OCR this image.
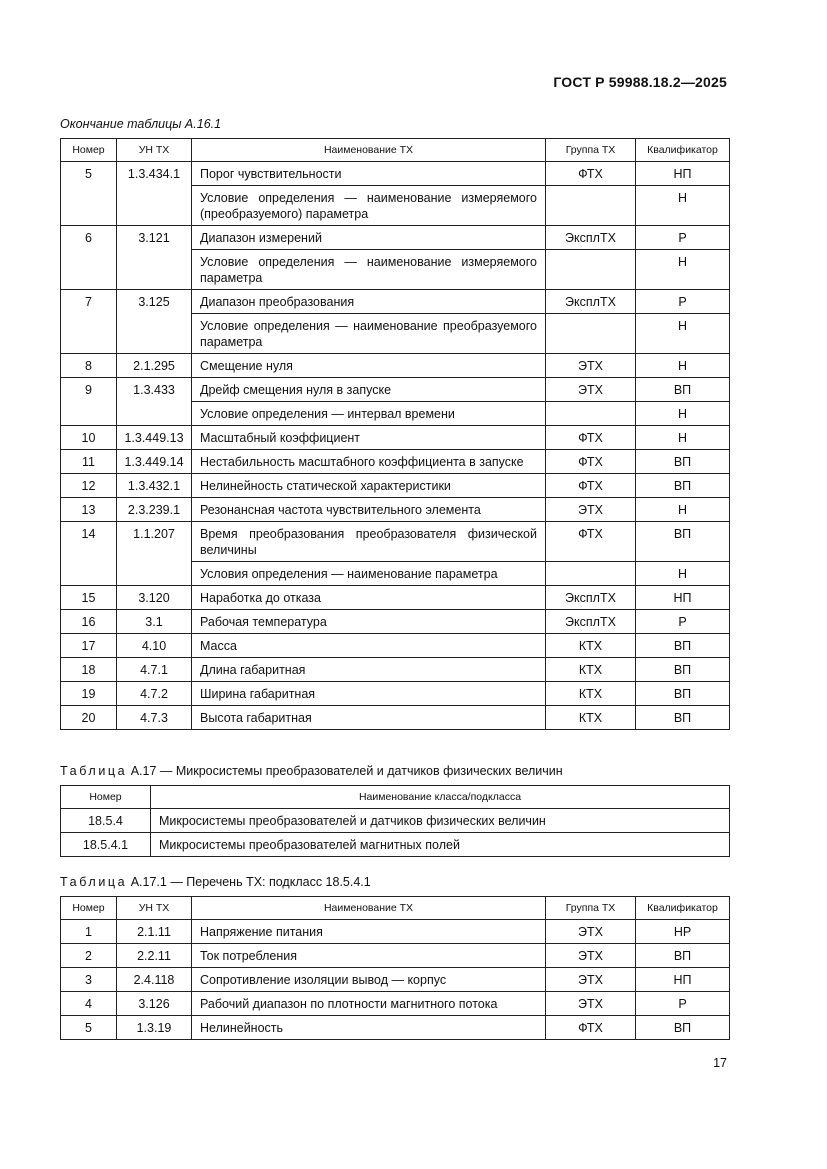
ГОСТ Р 59988.18.2—2025
Окончание таблицы А.16.1
Номер	УН ТХ	Наименование ТХ	Группа ТХ	Квалификатор

5	1.3.434.1	Порог чувствительности	ФТХ	НП

		Условие определения — наименование измеряемого (преобразуемого) параметра		Н

6	3.121	Диапазон измерений	ЭксплТХ	Р

		Условие определения — наименование измеряемого параметра		Н

7	3.125	Диапазон преобразования	ЭксплТХ	Р

		Условие определения — наименование преобразуемого параметра		Н

8	2.1.295	Смещение нуля	ЭТХ	Н

9	1.3.433	Дрейф смещения нуля в запуске	ЭТХ	ВП

		Условие определения — интервал времени		Н

10	1.3.449.13	Масштабный коэффициент	ФТХ	Н

11	1.3.449.14	Нестабильность масштабного коэффициента в запуске	ФТХ	ВП

12	1.3.432.1	Нелинейность статической характеристики	ФТХ	ВП

13	2.3.239.1	Резонансная частота чувствительного элемента	ЭТХ	Н

14	1.1.207	Время преобразования преобразователя физической величины	ФТХ	ВП

		Условия определения — наименование параметра		Н

15	3.120	Наработка до отказа	ЭксплТХ	НП

16	3.1	Рабочая температура	ЭксплТХ	Р

17	4.10	Масса	КТХ	ВП

18	4.7.1	Длина габаритная	КТХ	ВП

19	4.7.2	Ширина габаритная	КТХ	ВП

20	4.7.3	Высота габаритная	КТХ	ВП
Таблица А.17 — Микросистемы преобразователей и датчиков физических величин
Номер	Наименование класса/подкласса

18.5.4	Микросистемы преобразователей и датчиков физических величин

18.5.4.1	Микросистемы преобразователей магнитных полей
Таблица А.17.1 — Перечень ТХ: подкласс 18.5.4.1
Номер	УН ТХ	Наименование ТХ	Группа ТХ	Квалификатор

1	2.1.11	Напряжение питания	ЭТХ	НР

2	2.2.11	Ток потребления	ЭТХ	ВП

3	2.4.118	Сопротивление изоляции вывод — корпус	ЭТХ	НП

4	3.126	Рабочий диапазон по плотности магнитного потока	ЭТХ	Р

5	1.3.19	Нелинейность	ФТХ	ВП
17
